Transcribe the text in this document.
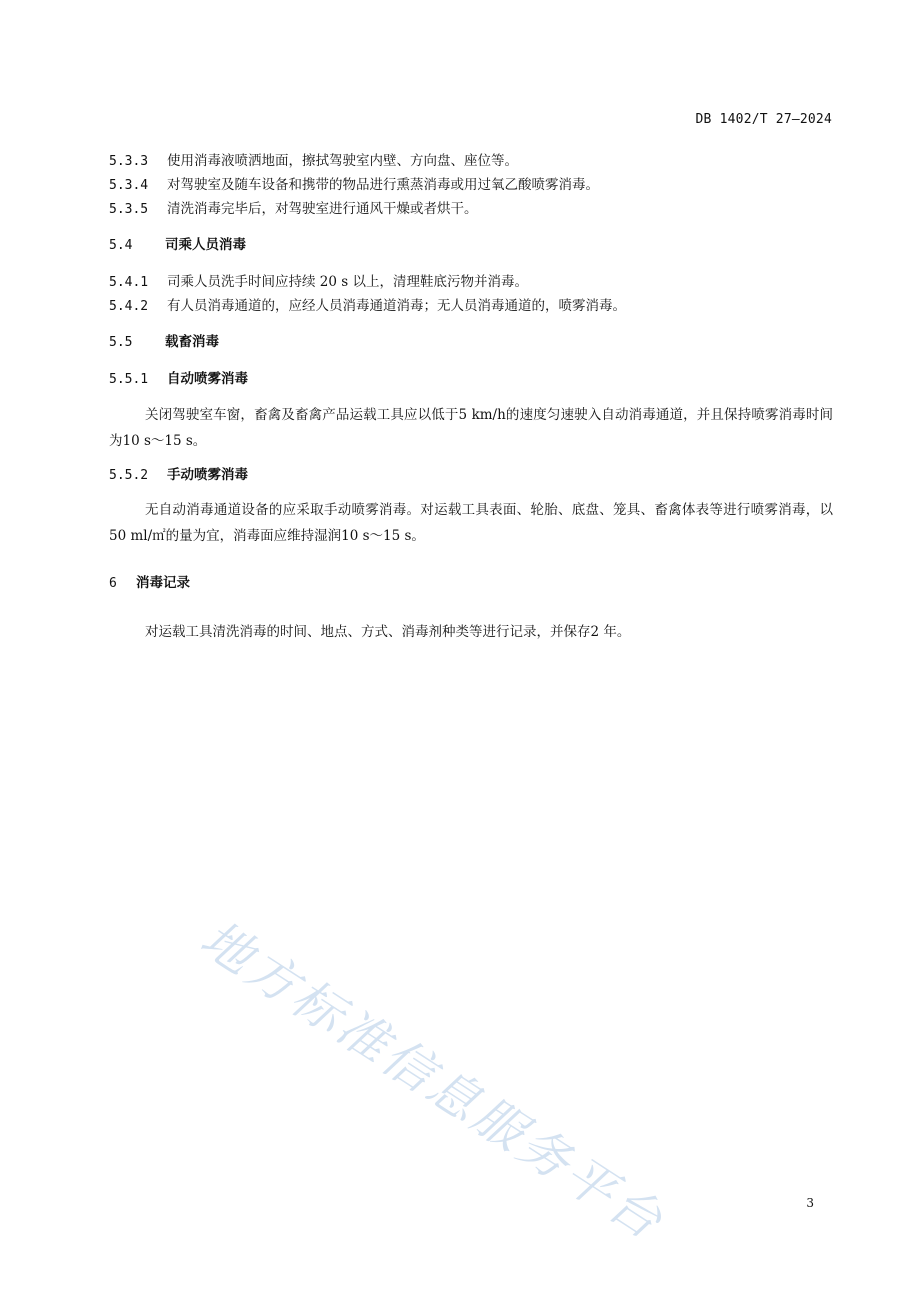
DB 1402/T 27—2024
5.3.3 使用消毒液喷洒地面，擦拭驾驶室内壁、方向盘、座位等。
5.3.4 对驾驶室及随车设备和携带的物品进行熏蒸消毒或用过氧乙酸喷雾消毒。
5.3.5 清洗消毒完毕后，对驾驶室进行通风干燥或者烘干。
5.4 司乘人员消毒
5.4.1 司乘人员洗手时间应持续 20 s 以上，清理鞋底污物并消毒。
5.4.2 有人员消毒通道的，应经人员消毒通道消毒；无人员消毒通道的，喷雾消毒。
5.5 载畜消毒
5.5.1 自动喷雾消毒
关闭驾驶室车窗，畜禽及畜禽产品运载工具应以低于5 km/h的速度匀速驶入自动消毒通道，并且保持喷雾消毒时间为10 s～15 s。
5.5.2 手动喷雾消毒
无自动消毒通道设备的应采取手动喷雾消毒。对运载工具表面、轮胎、底盘、笼具、畜禽体表等进行喷雾消毒，以50 ml/㎡的量为宜，消毒面应维持湿润10 s～15 s。
6 消毒记录
对运载工具清洗消毒的时间、地点、方式、消毒剂种类等进行记录，并保存2 年。
地方标准信息服务平台	3
